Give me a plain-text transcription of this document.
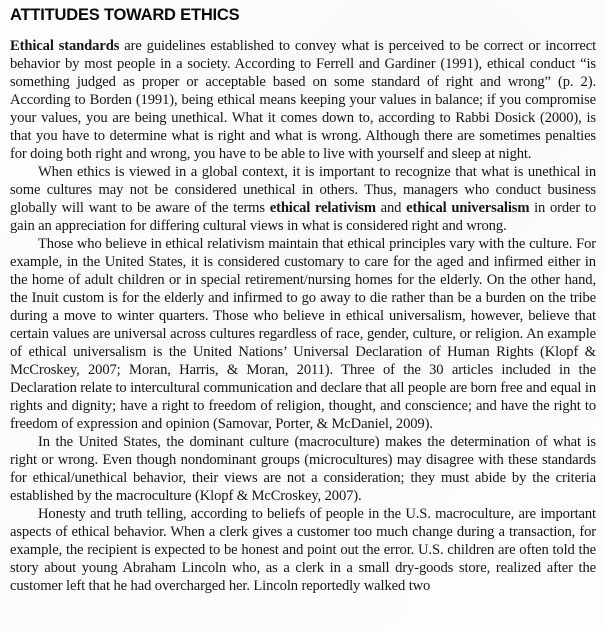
ATTITUDES TOWARD ETHICS

Ethical standards are guidelines established to convey what is perceived to be correct or incorrect behavior by most people in a society. According to Ferrell and Gardiner (1991), ethical conduct “is something judged as proper or acceptable based on some standard of right and wrong” (p. 2). According to Borden (1991), being ethical means keeping your values in balance; if you compromise your values, you are being unethical. What it comes down to, according to Rabbi Dosick (2000), is that you have to determine what is right and what is wrong. Although there are sometimes penalties for doing both right and wrong, you have to be able to live with yourself and sleep at night.

When ethics is viewed in a global context, it is important to recognize that what is unethical in some cultures may not be considered unethical in others. Thus, managers who conduct business globally will want to be aware of the terms ethical relativism and ethical universalism in order to gain an appreciation for differing cultural views in what is considered right and wrong.

Those who believe in ethical relativism maintain that ethical principles vary with the culture. For example, in the United States, it is considered customary to care for the aged and infirmed either in the home of adult children or in special retirement/nursing homes for the elderly. On the other hand, the Inuit custom is for the elderly and infirmed to go away to die rather than be a burden on the tribe during a move to winter quarters. Those who believe in ethical universalism, however, believe that certain values are universal across cultures regardless of race, gender, culture, or religion. An example of ethical universalism is the United Nations’ Universal Declaration of Human Rights (Klopf & McCroskey, 2007; Moran, Harris, & Moran, 2011). Three of the 30 articles included in the Declaration relate to intercultural communication and declare that all people are born free and equal in rights and dignity; have a right to freedom of religion, thought, and conscience; and have the right to freedom of expression and opinion (Samovar, Porter, & McDaniel, 2009).

In the United States, the dominant culture (macroculture) makes the determination of what is right or wrong. Even though nondominant groups (microcultures) may disagree with these standards for ethical/unethical behavior, their views are not a consideration; they must abide by the criteria established by the macroculture (Klopf & McCroskey, 2007).

Honesty and truth telling, according to beliefs of people in the U.S. macroculture, are important aspects of ethical behavior. When a clerk gives a customer too much change during a transaction, for example, the recipient is expected to be honest and point out the error. U.S. children are often told the story about young Abraham Lincoln who, as a clerk in a small dry-goods store, realized after the customer left that he had overcharged her. Lincoln reportedly walked two
